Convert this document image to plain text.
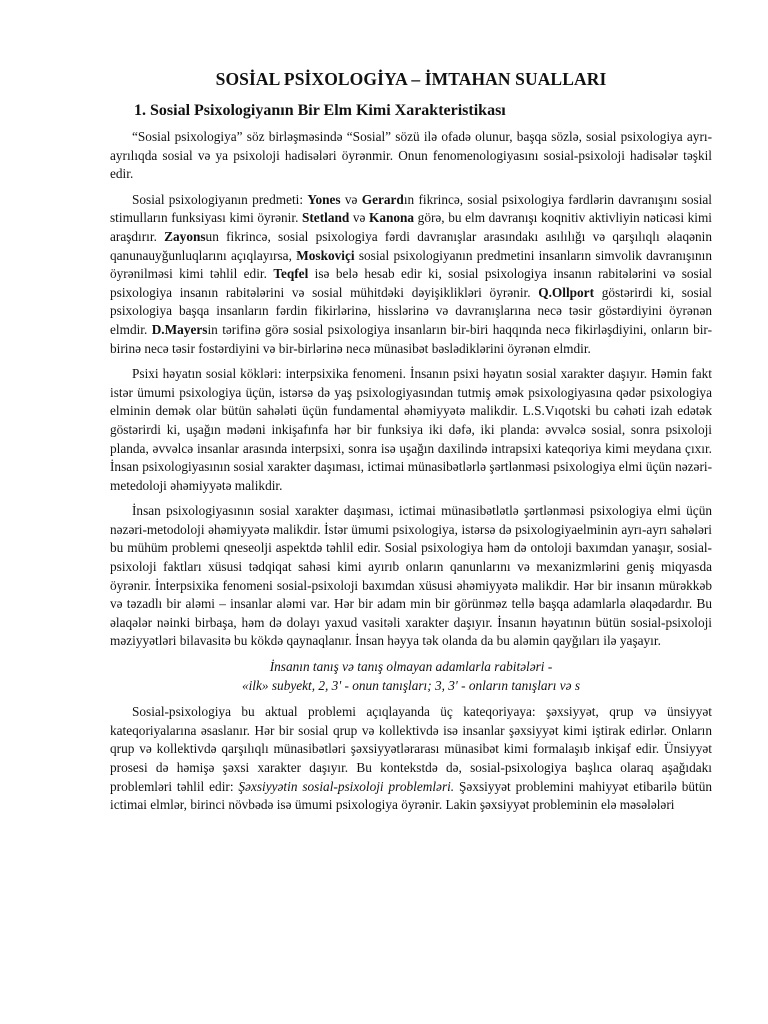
SOSİAL PSİXOLOGİYA – İMTAHAN SUALLARI
1. Sosial Psixologiyanın Bir Elm Kimi Xarakteristikası

“Sosial psixologiya” söz birləşməsində “Sosial” sözü ilə ofadə olunur, başqa sözlə, sosial psixologiya ayrı-ayrılıqda sosial və ya psixoloji hadisələri öyrənmir. Onun fenomenologiyasını sosial-psixoloji hadisələr təşkil edir.

Sosial psixologiyanın predmeti: Yones və Gerardın fikrincə, sosial psixologiya fərdlərin davranışını sosial stimulların funksiyası kimi öyrənir. Stetland və Kanona görə, bu elm davranışı koqnitiv aktivliyin nəticəsi kimi araşdırır. Zayonsun fikrincə, sosial psixologiya fərdi davranışlar arasındakı asılılığı və qarşılıqlı əlaqənin qanunauyğunluqlarını açıqlayırsa, Moskoviçi sosial psixologiyanın predmetini insanların simvolik davranışının öyrənilməsi kimi təhlil edir. Teqfel isə belə hesab edir ki, sosial psixologiya insanın rabitələrini və sosial psixologiya insanın rabitələrini və sosial mühitdəki dəyişiklikləri öyrənir. Q.Ollport göstərirdi ki, sosial psixologiya başqa insanların fərdin fikirlərinə, hisslərinə və davranışlarına necə təsir göstərdiyini öyrənən elmdir. D.Mayersin tərifinə görə sosial psixologiya insanların bir-biri haqqında necə fikirləşdiyini, onların bir-birinə necə təsir fostərdiyini və bir-birlərinə necə münasibət bəslədiklərini öyrənən elmdir.

Psixi həyatın sosial kökləri: interpsixika fenomeni. İnsanın psixi həyatın sosial xarakter daşıyır. Həmin fakt istər ümumi psixologiya üçün, istərsə də yaş psixologiyasından tutmiş əmək psixologiyasına qədər psixologiya elminin demək olar bütün sahələti üçün fundamental əhəmiyyətə malikdir. L.S.Vıqotski bu cəhəti izah edətək göstərirdi ki, uşağın mədəni inkişafınfa hər bir funksiya iki dəfə, iki planda: əvvəlcə sosial, sonra psixoloji planda, əvvəlcə insanlar arasında interpsixi, sonra isə uşağın daxilində intrapsixi kateqoriya kimi meydana çıxır. İnsan psixologiyasının sosial xarakter daşıması, ictimai münasibətlərlə şərtlənməsi psixologiya elmi üçün nəzəri-metedoloji əhəmiyyətə malikdir.

İnsan psixologiyasının sosial xarakter daşıması, ictimai münasibətlətlə şərtlənməsi psixologiya elmi üçün nəzəri-metodoloji əhəmiyyətə malikdir. İstər ümumi psixologiya, istərsə də psixologiyaelminin ayrı-ayrı sahələri bu mühüm problemi qneseolji aspektdə təhlil edir. Sosial psixologiya həm də ontoloji baxımdan yanaşır, sosial-psixoloji faktları xüsusi tədqiqat sahəsi kimi ayırıb onların qanunlarını və mexanizmlərini geniş miqyasda öyrənir. İnterpsixika fenomeni sosial-psixoloji baxımdan xüsusi əhəmiyyətə malikdir. Hər bir insanın mürəkkəb və təzadlı bir aləmi – insanlar aləmi var. Hər bir adam min bir görünməz tellə başqa adamlarla əlaqədardır. Bu əlaqələr nəinki birbaşa, həm də dolayı yaxud vasitəli xarakter daşıyır. İnsanın həyatının bütün sosial-psixoloji məziyyətləri bilavasitə bu kökdə qaynaqlanır. İnsan həyya tək olanda da bu aləmin qayğıları ilə yaşayır.

İnsanın tanış və tanış olmayan adamlarla rabitələri -
«ilk» subyekt, 2, 3' - onun tanışları; 3, 3' - onların tanışları və s

Sosial-psixologiya bu aktual problemi açıqlayanda üç kateqoriyaya: şəxsiyyət, qrup və ünsiyyət kateqoriyalarına əsaslanır. Hər bir sosial qrup və kollektivdə isə insanlar şəxsiyyət kimi iştirak edirlər. Onların qrup və kollektivdə qarşılıqlı münasibətləri şəxsiyyətlərarası münasibət kimi formalaşıb inkişaf edir. Ünsiyyət prosesi də həmişə şəxsi xarakter daşıyır. Bu kontekstdə də, sosial-psixologiya başlıca olaraq aşağıdakı problemləri təhlil edir: Şəxsiyyətin sosial-psixoloji problemləri. Şəxsiyyət problemini mahiyyət etibarilə bütün ictimai elmlər, birinci növbədə isə ümumi psixologiya öyrənir. Lakin şəxsiyyət probleminin elə məsələləri
